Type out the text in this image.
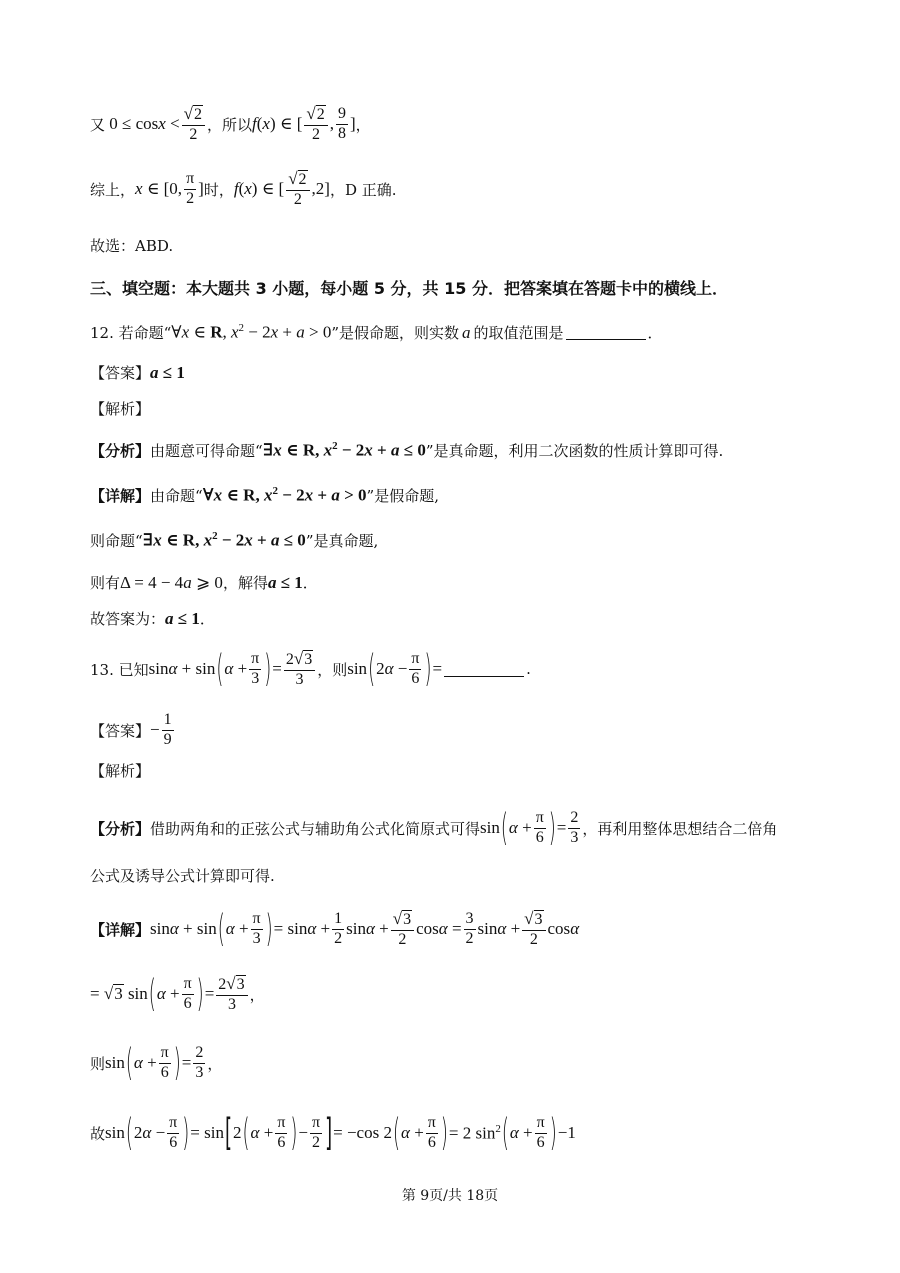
又 $0 \le \cos x < \frac{√ 2}{2}$ ，所以 f(x) ∈ [ $\frac{√ 2}{2}$ , $\frac{9}{8}$ ] ，
综上， x ∈ [0, $\frac{\pi}{2}$ ] 时， f(x) ∈ [ $\frac{√ 2}{2} ,2$] ，D 正确.
故选：ABD.
三、填空题：本大题共 3 小题，每小题 5 分，共 15 分．把答案填在答题卡中的横线上．
12. 若命题“ ∀x ∈ R, $x^2 - 2x + a > 0$ ”是假命题，则实数 a 的取值范围是	．
【答案】 a ≤ 1
【解析】
【分析】 由题意可得命题“ ∃x ∈ R, $x^2 - 2x + a \le 0$ ”是真命题，利用二次函数的性质计算即可得.
【详解】 由命题“ ∀x ∈ R, $x^2 - 2x + a > 0$ ”是假命题,
则命题“ ∃x ∈ R, $x^2 - 2x + a \le 0$ ”是真命题,
则有 Δ = 4 − 4a ⩾ 0 ，解得 a ≤ 1 ．
故答案为： a ≤ 1 ．
13. 已知 sinα + sin ( $\alpha + \frac{\pi}{3}$ ) = $\frac{2 √ 3}{3}$ ，则 sin ( $2\alpha - \frac{\pi}{6}$ ) =	.
【答案】 − $\frac{1}{9}$
【解析】
【分析】 借助两角和的正弦公式与辅助角公式化简原式可得 sin ( $\alpha + \frac{\pi}{6}$ ) = $\frac{2}{3}$ ，再利用整体思想结合二倍角
公式及诱导公式计算即可得.
【详解】 sinα + sin ( $\alpha + \frac{\pi}{3}$ ) = $\sin\alpha + \frac{1}{2}$ $\sin\alpha + \frac{√ 3}{2}$ $\cos\alpha = \frac{3}{2}$ $\sin\alpha + \frac{√ 3}{2}$ cosα
= √ 3 sin ( $\alpha + \frac{\pi}{6}$ ) = $\frac{2 √ 3}{3}$ ，
则 sin ( $\alpha + \frac{\pi}{6}$ ) = $\frac{2}{3}$ ，
故 sin ( $2\alpha - \frac{\pi}{6}$ ) = sin [ 2 ( $\alpha + \frac{\pi}{6}$ ) − $\frac{\pi}{2}$ ] = −cos 2 ( $\alpha + \frac{\pi}{6}$ ) = 2 $\sin^2$ ( $\alpha + \frac{\pi}{6}$ ) −1
第 9页/共 18页
